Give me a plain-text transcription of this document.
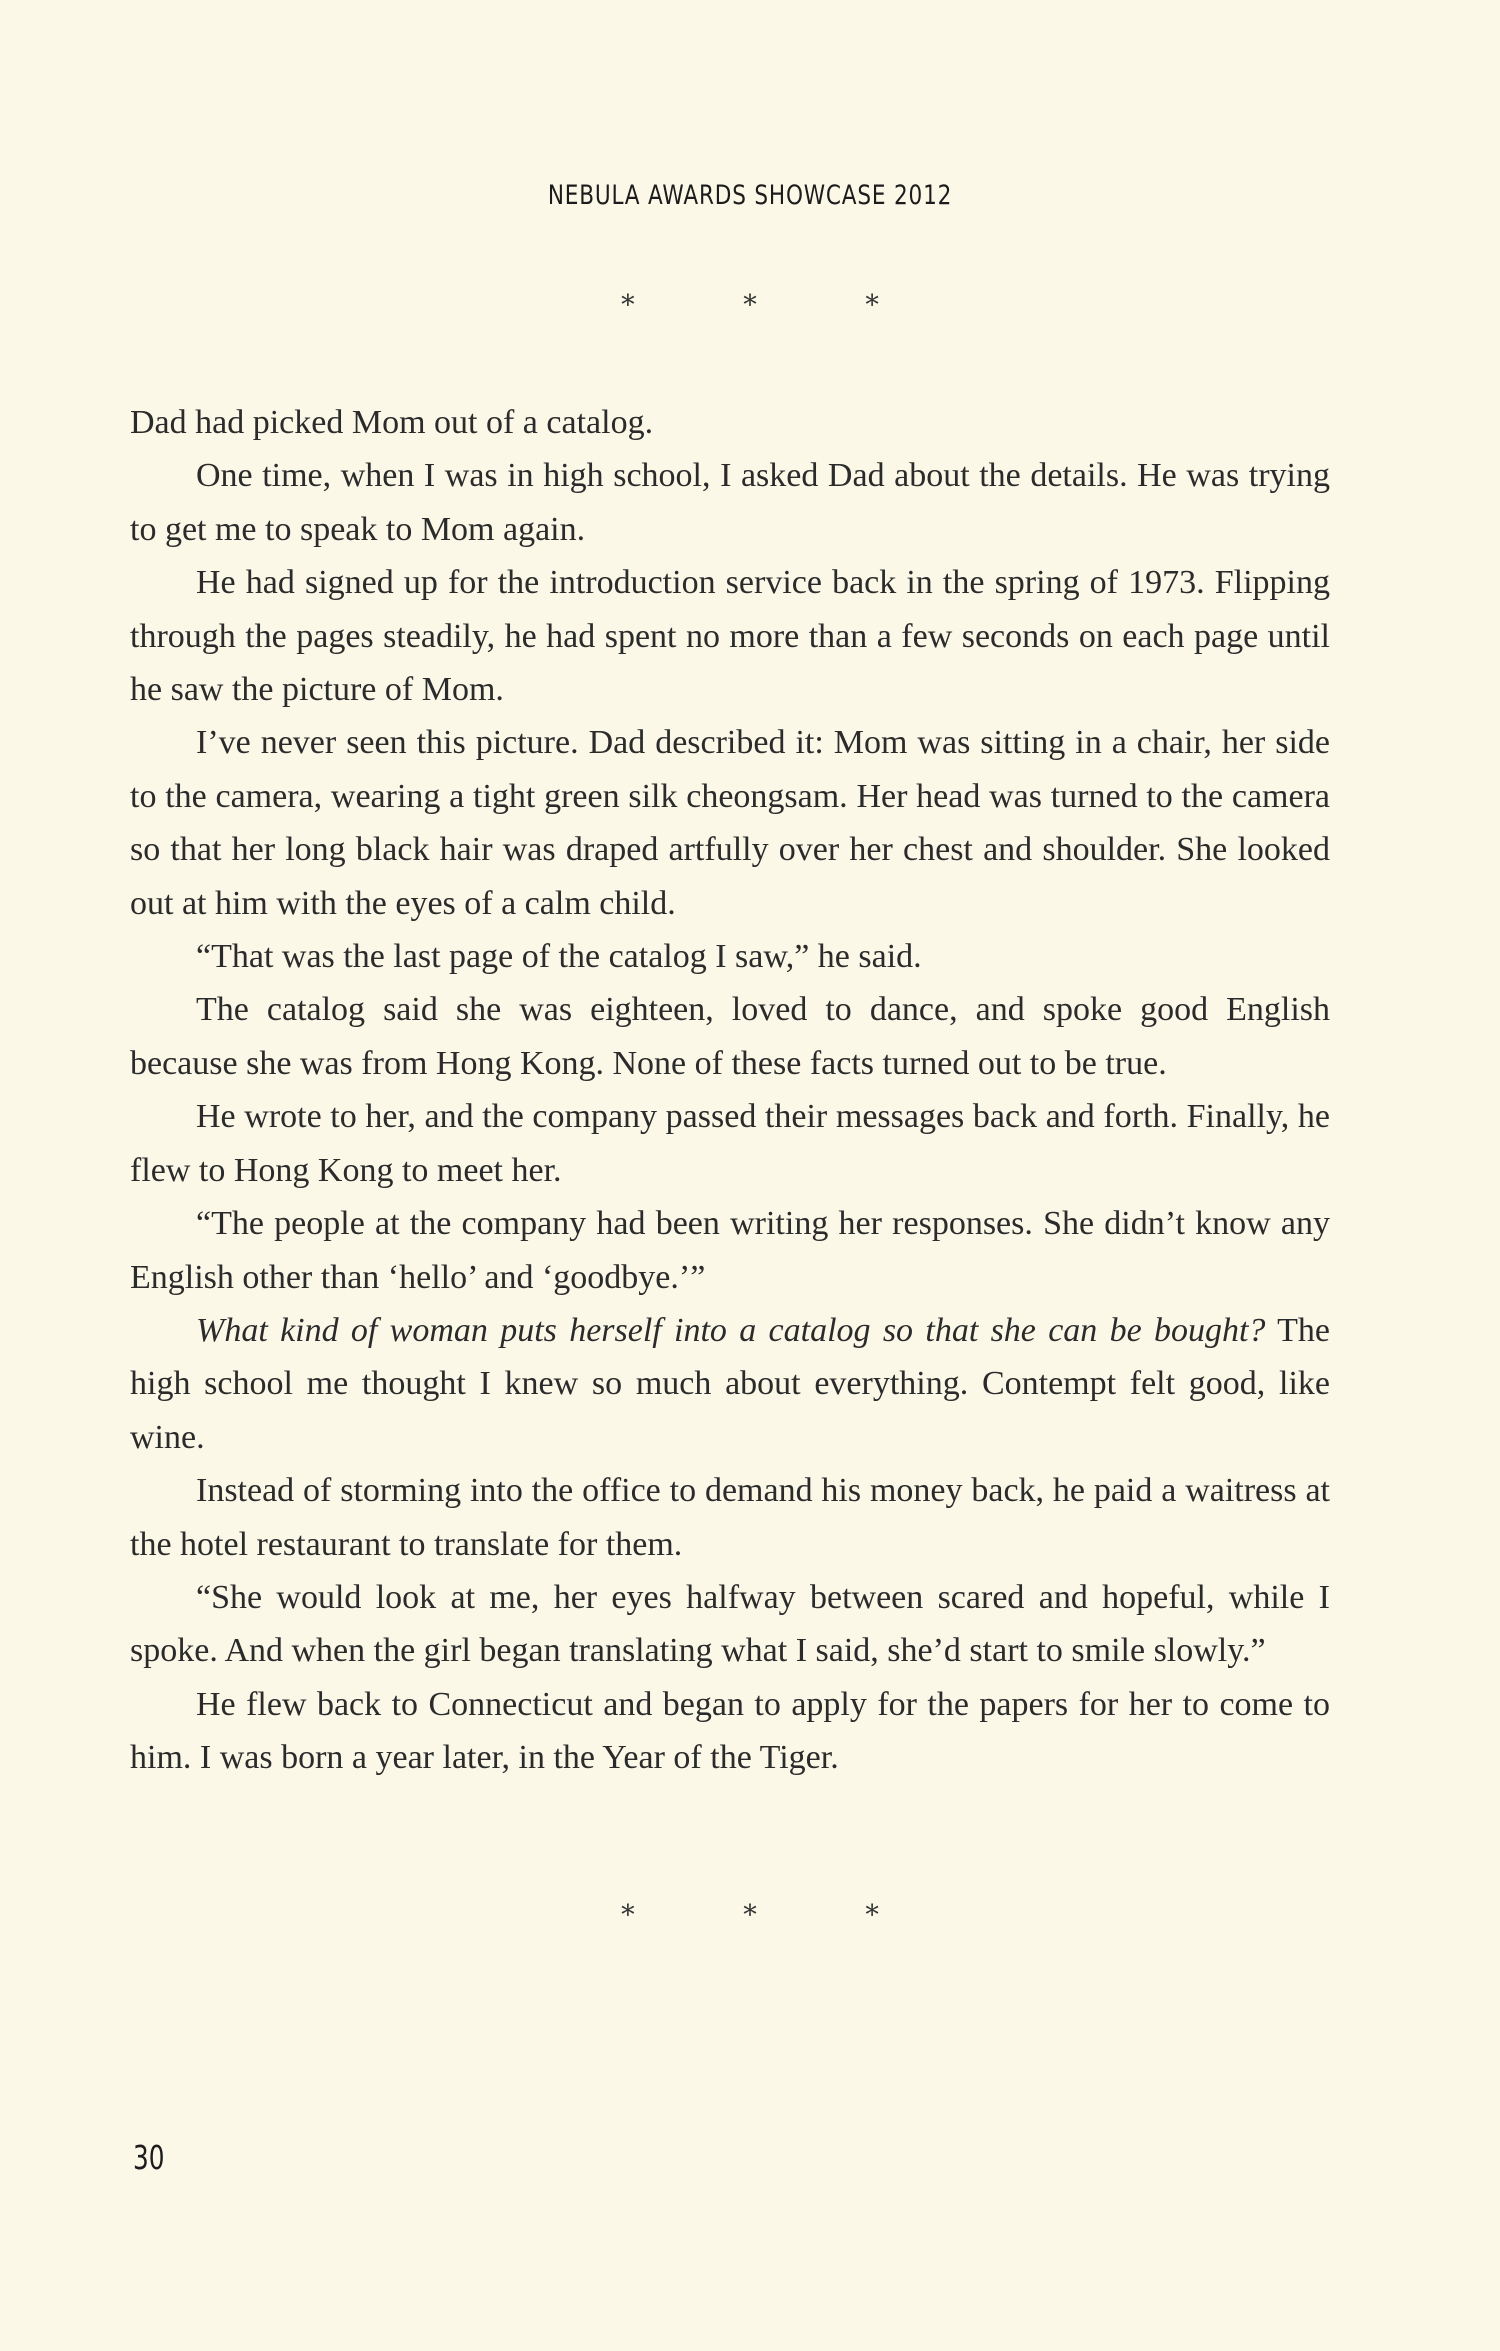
NEBULA AWARDS SHOWCASE 2012
* * *

Dad had picked Mom out of a catalog.

One time, when I was in high school, I asked Dad about the details. He was trying to get me to speak to Mom again.

He had signed up for the introduction service back in the spring of 1973. Flipping through the pages steadily, he had spent no more than a few seconds on each page until he saw the picture of Mom.

I’ve never seen this picture. Dad described it: Mom was sitting in a chair, her side to the camera, wearing a tight green silk cheongsam. Her head was turned to the camera so that her long black hair was draped artfully over her chest and shoulder. She looked out at him with the eyes of a calm child.

“That was the last page of the catalog I saw,” he said.

The catalog said she was eighteen, loved to dance, and spoke good English because she was from Hong Kong. None of these facts turned out to be true.

He wrote to her, and the company passed their messages back and forth. Finally, he flew to Hong Kong to meet her.

“The people at the company had been writing her responses. She didn’t know any English other than ‘hello’ and ‘goodbye.’”

What kind of woman puts herself into a catalog so that she can be bought? The high school me thought I knew so much about everything. Contempt felt good, like wine.

Instead of storming into the office to demand his money back, he paid a waitress at the hotel restaurant to translate for them.

“She would look at me, her eyes halfway between scared and hopeful, while I spoke. And when the girl began translating what I said, she’d start to smile slowly.”

He flew back to Connecticut and began to apply for the papers for her to come to him. I was born a year later, in the Year of the Tiger.

* * *
30
